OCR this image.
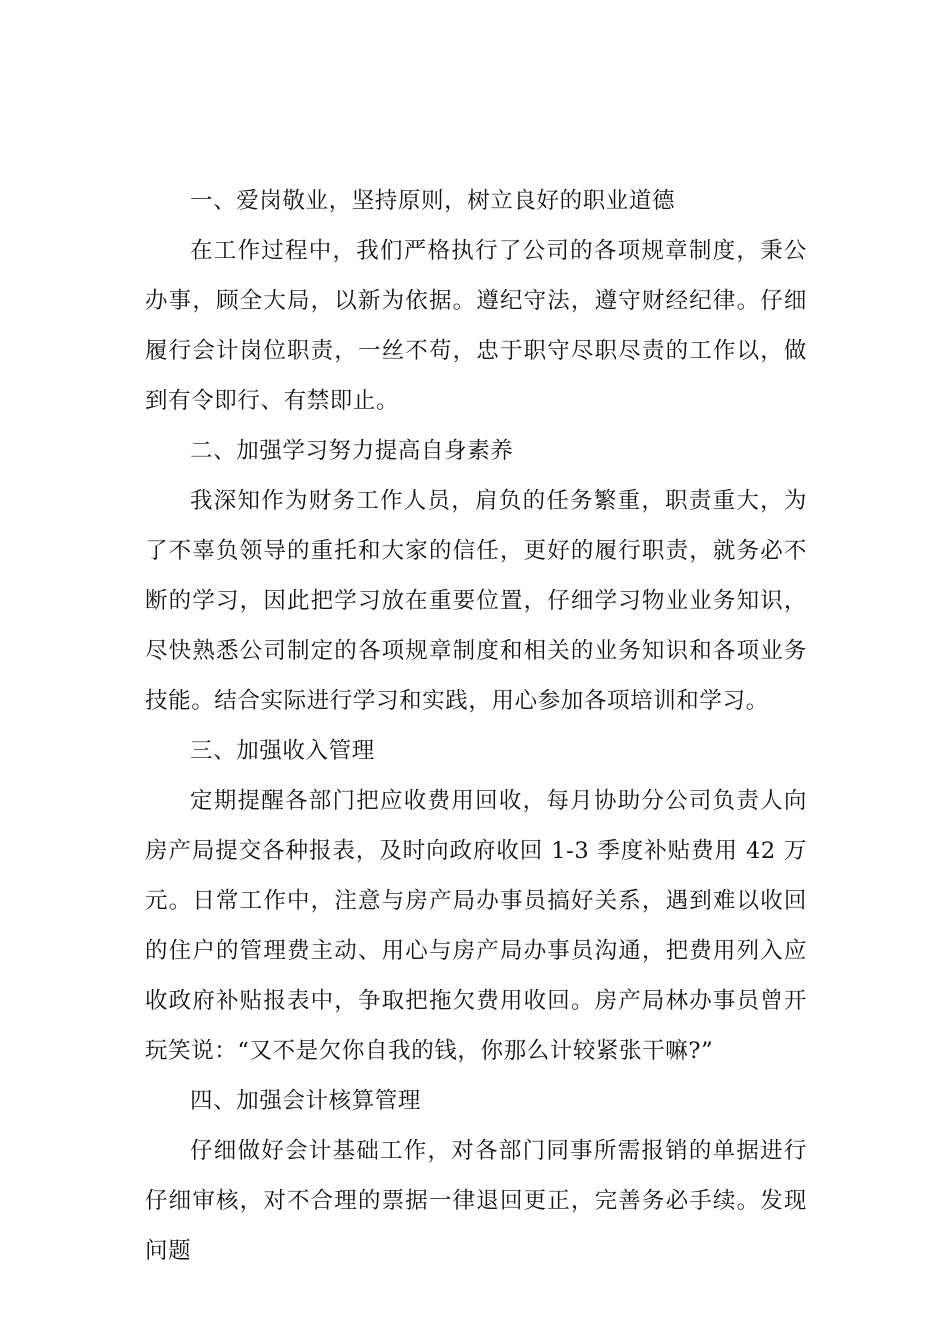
一、爱岗敬业，坚持原则，树立良好的职业道德

在工作过程中，我们严格执行了公司的各项规章制度，秉公办事，顾全大局，以新为依据。遵纪守法，遵守财经纪律。仔细履行会计岗位职责，一丝不苟，忠于职守尽职尽责的工作以，做到有令即行、有禁即止。

二、加强学习努力提高自身素养

我深知作为财务工作人员，肩负的任务繁重，职责重大，为了不辜负领导的重托和大家的信任，更好的履行职责，就务必不断的学习，因此把学习放在重要位置，仔细学习物业业务知识，尽快熟悉公司制定的各项规章制度和相关的业务知识和各项业务技能。结合实际进行学习和实践，用心参加各项培训和学习。

三、加强收入管理

定期提醒各部门把应收费用回收，每月协助分公司负责人向房产局提交各种报表，及时向政府收回 1-3 季度补贴费用 42 万元。日常工作中，注意与房产局办事员搞好关系，遇到难以收回的住户的管理费主动、用心与房产局办事员沟通，把费用列入应收政府补贴报表中，争取把拖欠费用收回。房产局林办事员曾开玩笑说：“又不是欠你自我的钱，你那么计较紧张干嘛?”

四、加强会计核算管理

仔细做好会计基础工作，对各部门同事所需报销的单据进行仔细审核，对不合理的票据一律退回更正，完善务必手续。发现问题
